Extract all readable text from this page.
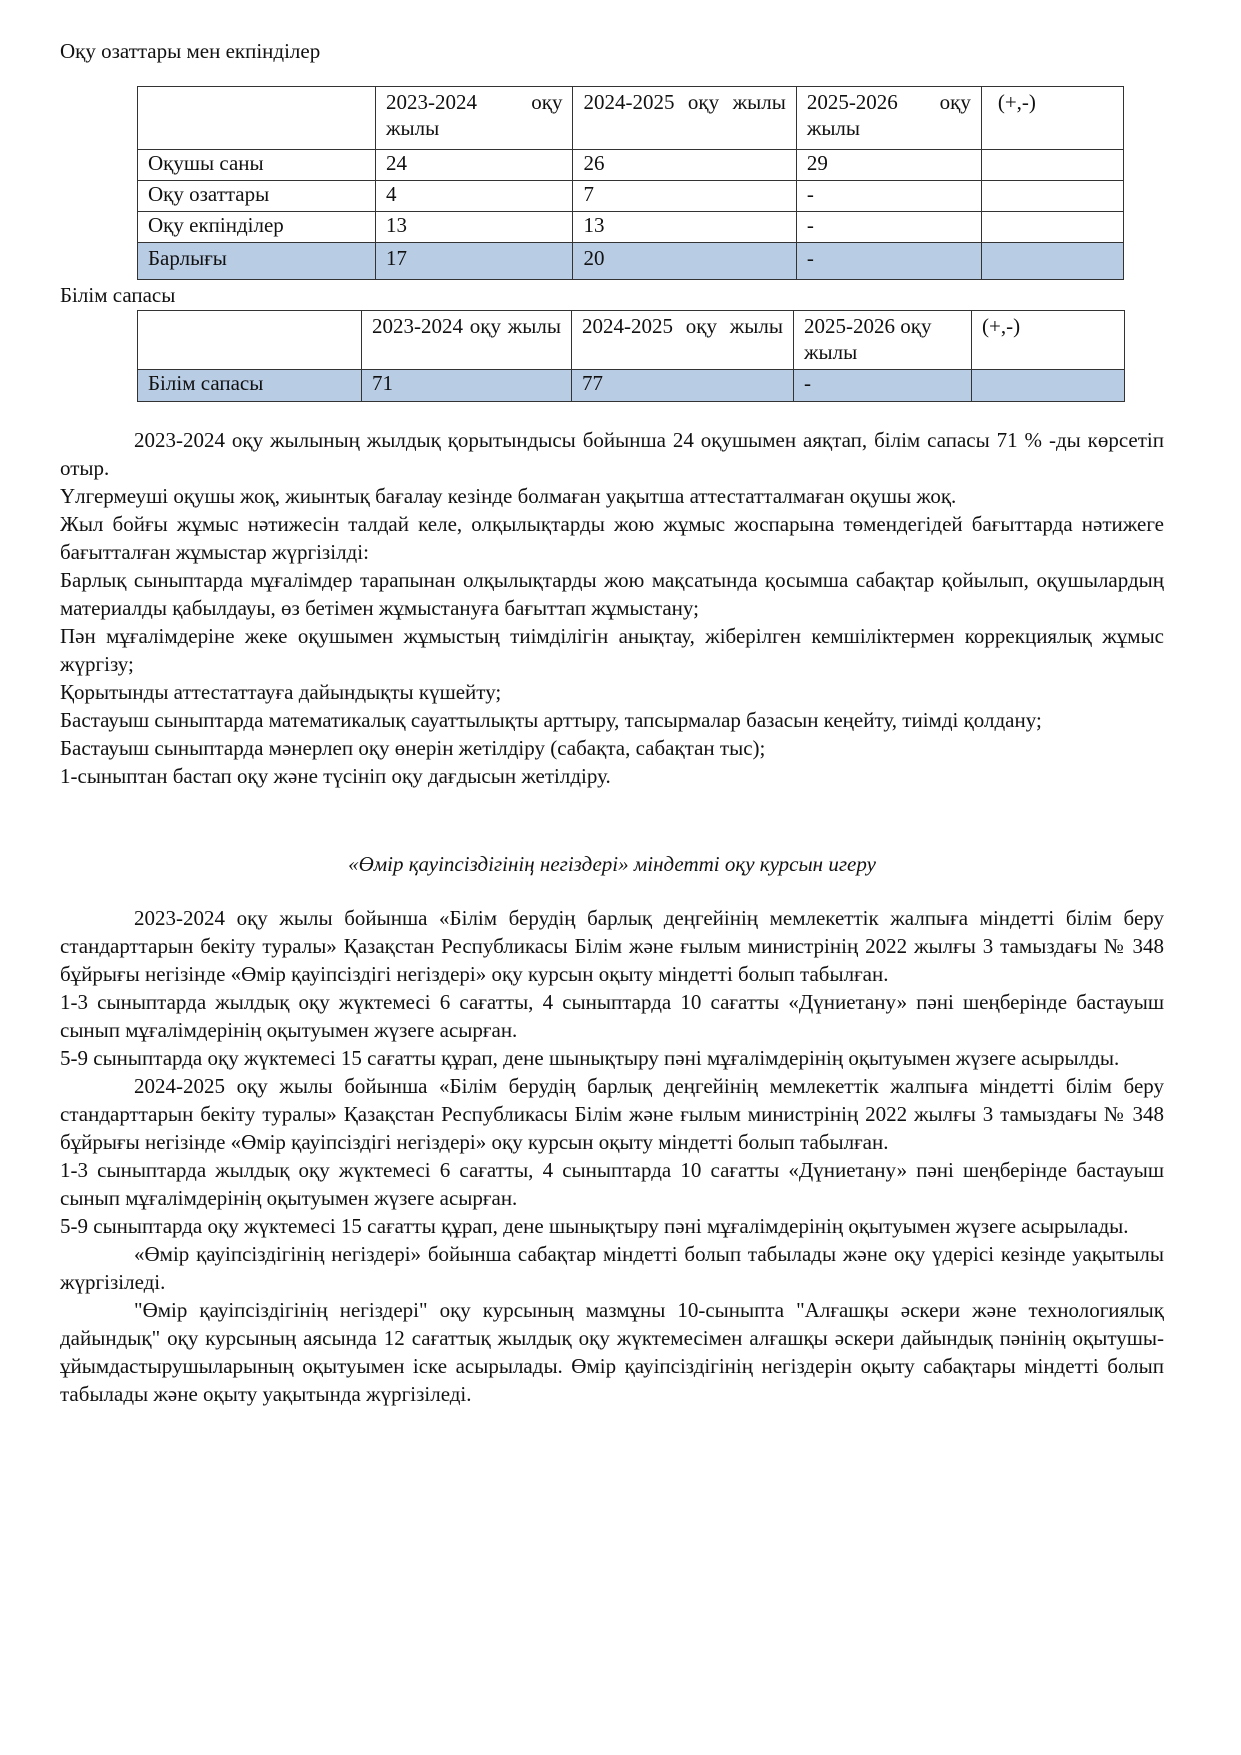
Оқу озаттары мен екпінділер

	2023-2024 оқу жылы	2024-2025 оқу жылы	2025-2026 оқу жылы	(+,-)
Оқушы саны	24	26	29	
Оқу озаттары	4	7	-	
Оқу екпінділер	13	13	-	
Барлығы	17	20	-	

Білім сапасы

	2023-2024 оқу жылы	2024-2025 оқу жылы	2025-2026 оқу жылы	(+,-)
Білім сапасы	71	77	-	

2023-2024 оқу жылының жылдық қорытындысы бойынша 24 оқушымен аяқтап, білім сапасы 71 % -ды көрсетіп отыр.

Үлгермеуші оқушы жоқ, жиынтық бағалау кезінде болмаған уақытша аттестатталмаған оқушы жоқ.

Жыл бойғы жұмыс нәтижесін талдай келе, олқылықтарды жою жұмыс жоспарына төмендегідей бағыттарда нәтижеге бағытталған жұмыстар жүргізілді:

Барлық сыныптарда мұғалімдер тарапынан олқылықтарды жою мақсатында қосымша сабақтар қойылып, оқушылардың материалды қабылдауы, өз бетімен жұмыстануға бағыттап жұмыстану;

Пән мұғалімдеріне жеке оқушымен жұмыстың тиімділігін анықтау, жіберілген кемшіліктермен коррекциялық жұмыс жүргізу;

Қорытынды аттестаттауға дайындықты күшейту;

Бастауыш сыныптарда математикалық сауаттылықты арттыру, тапсырмалар базасын кеңейту, тиімді қолдану;

Бастауыш сыныптарда мәнерлеп оқу өнерін жетілдіру (сабақта, сабақтан тыс);

1-сыныптан бастап оқу және түсініп оқу дағдысын жетілдіру.

«Өмір қауіпсіздігінің негіздері» міндетті оқу курсын игеру

2023-2024 оқу жылы бойынша «Білім берудің барлық деңгейінің мемлекеттік жалпыға міндетті білім беру стандарттарын бекіту туралы» Қазақстан Республикасы Білім және ғылым министрінің 2022 жылғы 3 тамыздағы № 348 бұйрығы негізінде «Өмір қауіпсіздігі негіздері» оқу курсын оқыту міндетті болып табылған.

1-3 сыныптарда жылдық оқу жүктемесі 6 сағатты, 4 сыныптарда 10 сағатты «Дүниетану» пәні шеңберінде бастауыш сынып мұғалімдерінің оқытуымен жүзеге асырған.

5-9 сыныптарда оқу жүктемесі 15 сағатты құрап, дене шынықтыру пәні мұғалімдерінің оқытуымен жүзеге асырылды.

2024-2025 оқу жылы бойынша «Білім берудің барлық деңгейінің мемлекеттік жалпыға міндетті білім беру стандарттарын бекіту туралы» Қазақстан Республикасы Білім және ғылым министрінің 2022 жылғы 3 тамыздағы № 348 бұйрығы негізінде «Өмір қауіпсіздігі негіздері» оқу курсын оқыту міндетті болып табылған.

1-3 сыныптарда жылдық оқу жүктемесі 6 сағатты, 4 сыныптарда 10 сағатты «Дүниетану» пәні шеңберінде бастауыш сынып мұғалімдерінің оқытуымен жүзеге асырған.

5-9 сыныптарда оқу жүктемесі 15 сағатты құрап, дене шынықтыру пәні мұғалімдерінің оқытуымен жүзеге асырылады.

«Өмір қауіпсіздігінің негіздері» бойынша сабақтар міндетті болып табылады және оқу үдерісі кезінде уақытылы жүргізіледі.

"Өмір қауіпсіздігінің негіздері" оқу курсының мазмұны 10-сыныпта "Алғашқы әскери және технологиялық дайындық" оқу курсының аясында 12 сағаттық жылдық оқу жүктемесімен алғашқы әскери дайындық пәнінің оқытушы-ұйымдастырушыларының оқытуымен іске асырылады. Өмір қауіпсіздігінің негіздерін оқыту сабақтары міндетті болып табылады және оқыту уақытында жүргізіледі.
